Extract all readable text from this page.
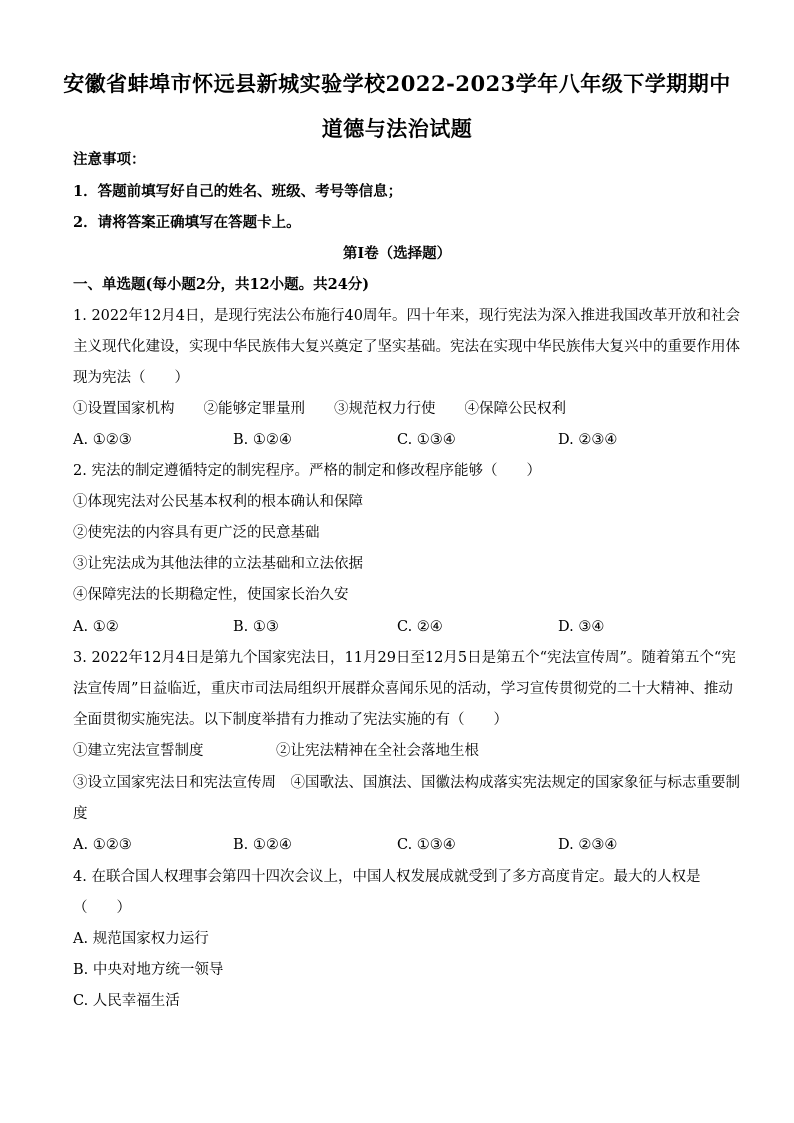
安徽省蚌埠市怀远县新城实验学校2022-2023学年八年级下学期期中
道德与法治试题
注意事项：
1．答题前填写好自己的姓名、班级、考号等信息；
2．请将答案正确填写在答题卡上。
第I卷（选择题）
一、单选题(每小题2分，共12小题。共24分)
1. 2022年12月4日，是现行宪法公布施行40周年。四十年来，现行宪法为深入推进我国改革开放和社会
主义现代化建设，实现中华民族伟大复兴奠定了坚实基础。宪法在实现中华民族伟大复兴中的重要作用体
现为宪法（　　）
①设置国家机构　　②能够定罪量刑　　③规范权力行使　　④保障公民权利
A. ①②③	B. ①②④	C. ①③④	D. ②③④
2. 宪法的制定遵循特定的制宪程序。严格的制定和修改程序能够（　　）
①体现宪法对公民基本权利的根本确认和保障
②使宪法的内容具有更广泛的民意基础
③让宪法成为其他法律的立法基础和立法依据
④保障宪法的长期稳定性，使国家长治久安
A. ①②	B. ①③	C. ②④	D. ③④
3. 2022年12月4日是第九个国家宪法日，11月29日至12月5日是第五个“宪法宣传周”。随着第五个“宪
法宣传周”日益临近，重庆市司法局组织开展群众喜闻乐见的活动，学习宣传贯彻党的二十大精神、推动
全面贯彻实施宪法。以下制度举措有力推动了宪法实施的有（　　）
①建立宪法宣誓制度　　　　　②让宪法精神在全社会落地生根
③设立国家宪法日和宪法宣传周　④国歌法、国旗法、国徽法构成落实宪法规定的国家象征与标志重要制
度
A. ①②③	B. ①②④	C. ①③④	D. ②③④
4. 在联合国人权理事会第四十四次会议上，中国人权发展成就受到了多方高度肯定。最大的人权是
（　　）
A. 规范国家权力运行
B. 中央对地方统一领导
C. 人民幸福生活
